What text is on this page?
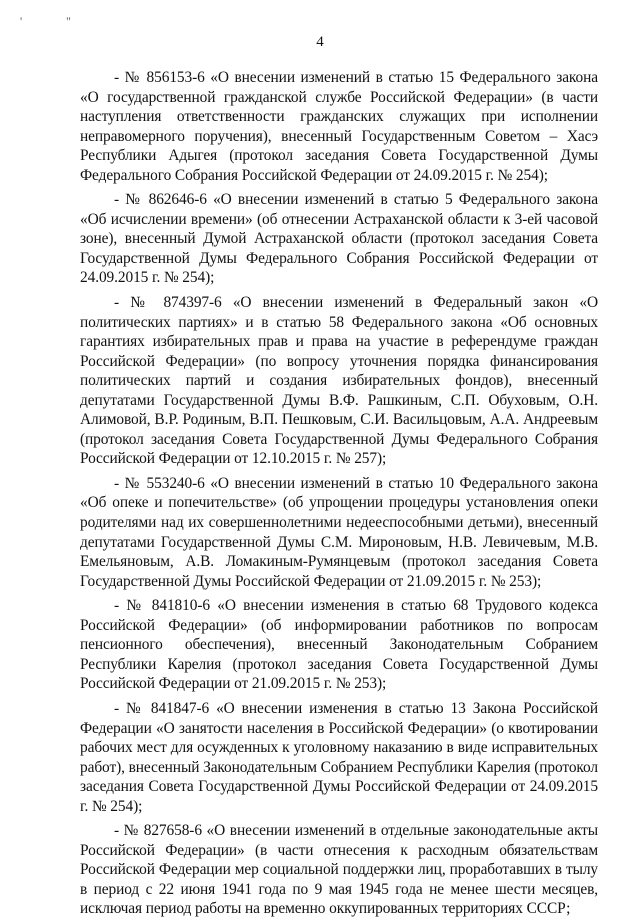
'	"
4

- № 856153-6 «О внесении изменений в статью 15 Федерального закона «О государственной гражданской службе Российской Федерации» (в части наступления ответственности гражданских служащих при исполнении неправомерного поручения), внесенный Государственным Советом – Хасэ Республики Адыгея (протокол заседания Совета Государственной Думы Федерального Собрания Российской Федерации от 24.09.2015 г. № 254);

- № 862646-6 «О внесении изменений в статью 5 Федерального закона «Об исчислении времени» (об отнесении Астраханской области к 3-ей часовой зоне), внесенный Думой Астраханской области (протокол заседания Совета Государственной Думы Федерального Собрания Российской Федерации от 24.09.2015 г. № 254);

- № 874397-6 «О внесении изменений в Федеральный закон «О политических партиях» и в статью 58 Федерального закона «Об основных гарантиях избирательных прав и права на участие в референдуме граждан Российской Федерации» (по вопросу уточнения порядка финансирования политических партий и создания избирательных фондов), внесенный депутатами Государственной Думы В.Ф. Рашкиным, С.П. Обуховым, О.Н. Алимовой, В.Р. Родиным, В.П. Пешковым, С.И. Васильцовым, А.А. Андреевым (протокол заседания Совета Государственной Думы Федерального Собрания Российской Федерации от 12.10.2015 г. № 257);

- № 553240-6 «О внесении изменений в статью 10 Федерального закона «Об опеке и попечительстве» (об упрощении процедуры установления опеки родителями над их совершеннолетними недееспособными детьми), внесенный депутатами Государственной Думы С.М. Мироновым, Н.В. Левичевым, М.В. Емельяновым, А.В. Ломакиным-Румянцевым (протокол заседания Совета Государственной Думы Российской Федерации от 21.09.2015 г. № 253);

- № 841810-6 «О внесении изменения в статью 68 Трудового кодекса Российской Федерации» (об информировании работников по вопросам пенсионного обеспечения), внесенный Законодательным Собранием Республики Карелия (протокол заседания Совета Государственной Думы Российской Федерации от 21.09.2015 г. № 253);

- № 841847-6 «О внесении изменения в статью 13 Закона Российской Федерации «О занятости населения в Российской Федерации» (о квотировании рабочих мест для осужденных к уголовному наказанию в виде исправительных работ), внесенный Законодательным Собранием Республики Карелия (протокол заседания Совета Государственной Думы Российской Федерации от 24.09.2015 г. № 254);

- № 827658-6 «О внесении изменений в отдельные законодательные акты Российской Федерации» (в части отнесения к расходным обязательствам Российской Федерации мер социальной поддержки лиц, проработавших в тылу в период с 22 июня 1941 года по 9 мая 1945 года не менее шести месяцев, исключая период работы на временно оккупированных территориях СССР;
